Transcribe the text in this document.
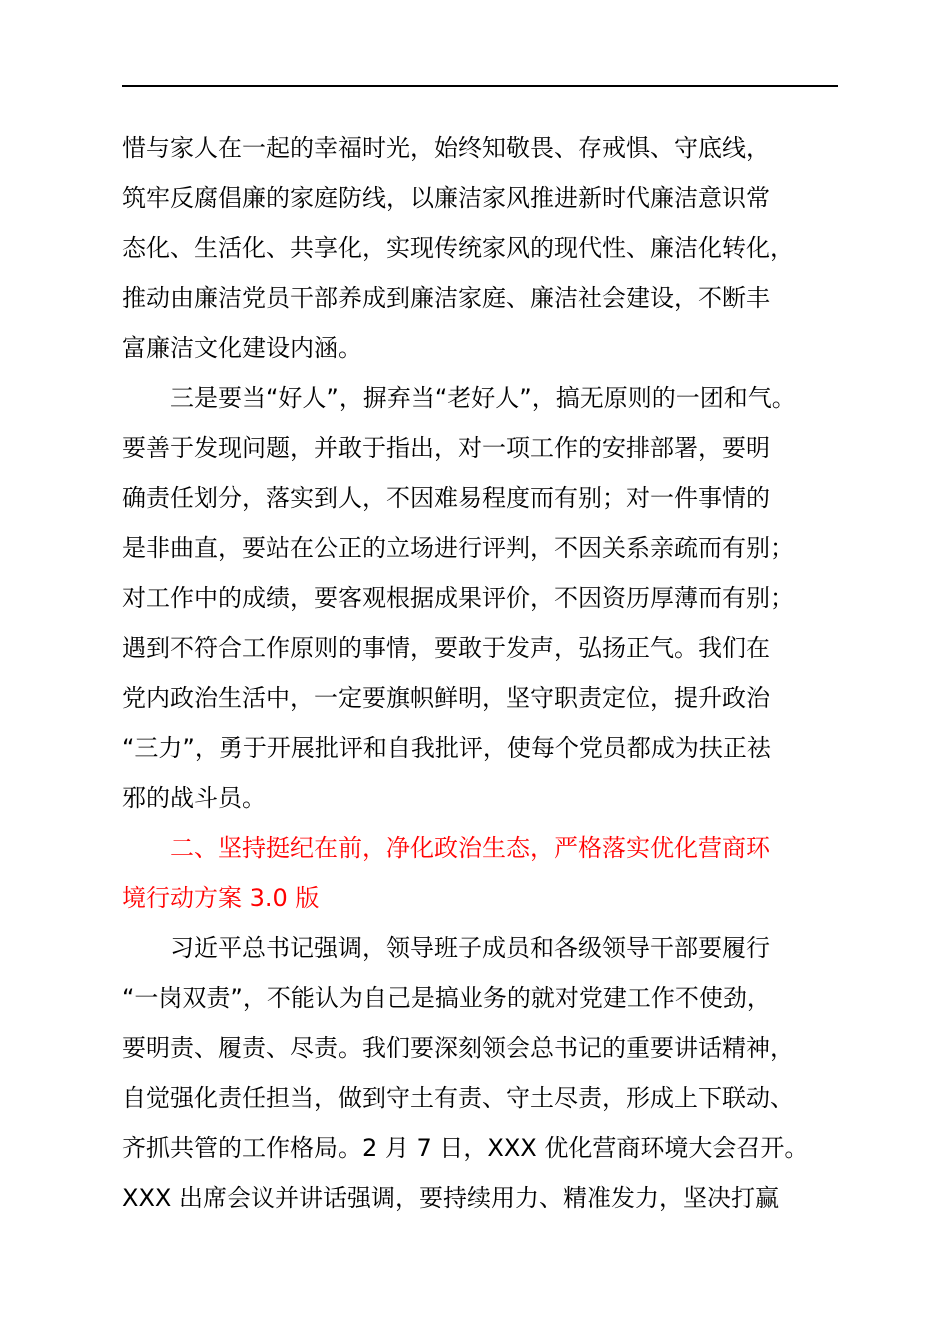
惜与家人在一起的幸福时光，始终知敬畏、存戒惧、守底线，
筑牢反腐倡廉的家庭防线，以廉洁家风推进新时代廉洁意识常
态化、生活化、共享化，实现传统家风的现代性、廉洁化转化，
推动由廉洁党员干部养成到廉洁家庭、廉洁社会建设，不断丰
富廉洁文化建设内涵。
三是要当“好人”，摒弃当“老好人”，搞无原则的一团和气。
要善于发现问题，并敢于指出，对一项工作的安排部署，要明
确责任划分，落实到人，不因难易程度而有别；对一件事情的
是非曲直，要站在公正的立场进行评判，不因关系亲疏而有别；
对工作中的成绩，要客观根据成果评价，不因资历厚薄而有别；
遇到不符合工作原则的事情，要敢于发声，弘扬正气。我们在
党内政治生活中，一定要旗帜鲜明，坚守职责定位，提升政治
“三力”，勇于开展批评和自我批评，使每个党员都成为扶正祛
邪的战斗员。
二、坚持挺纪在前，净化政治生态，严格落实优化营商环
境行动方案 3.0 版
习近平总书记强调，领导班子成员和各级领导干部要履行
“一岗双责”，不能认为自己是搞业务的就对党建工作不使劲，
要明责、履责、尽责。我们要深刻领会总书记的重要讲话精神，
自觉强化责任担当，做到守土有责、守土尽责，形成上下联动、
齐抓共管的工作格局。2 月 7 日，XXX 优化营商环境大会召开。
XXX 出席会议并讲话强调，要持续用力、精准发力，坚决打赢
